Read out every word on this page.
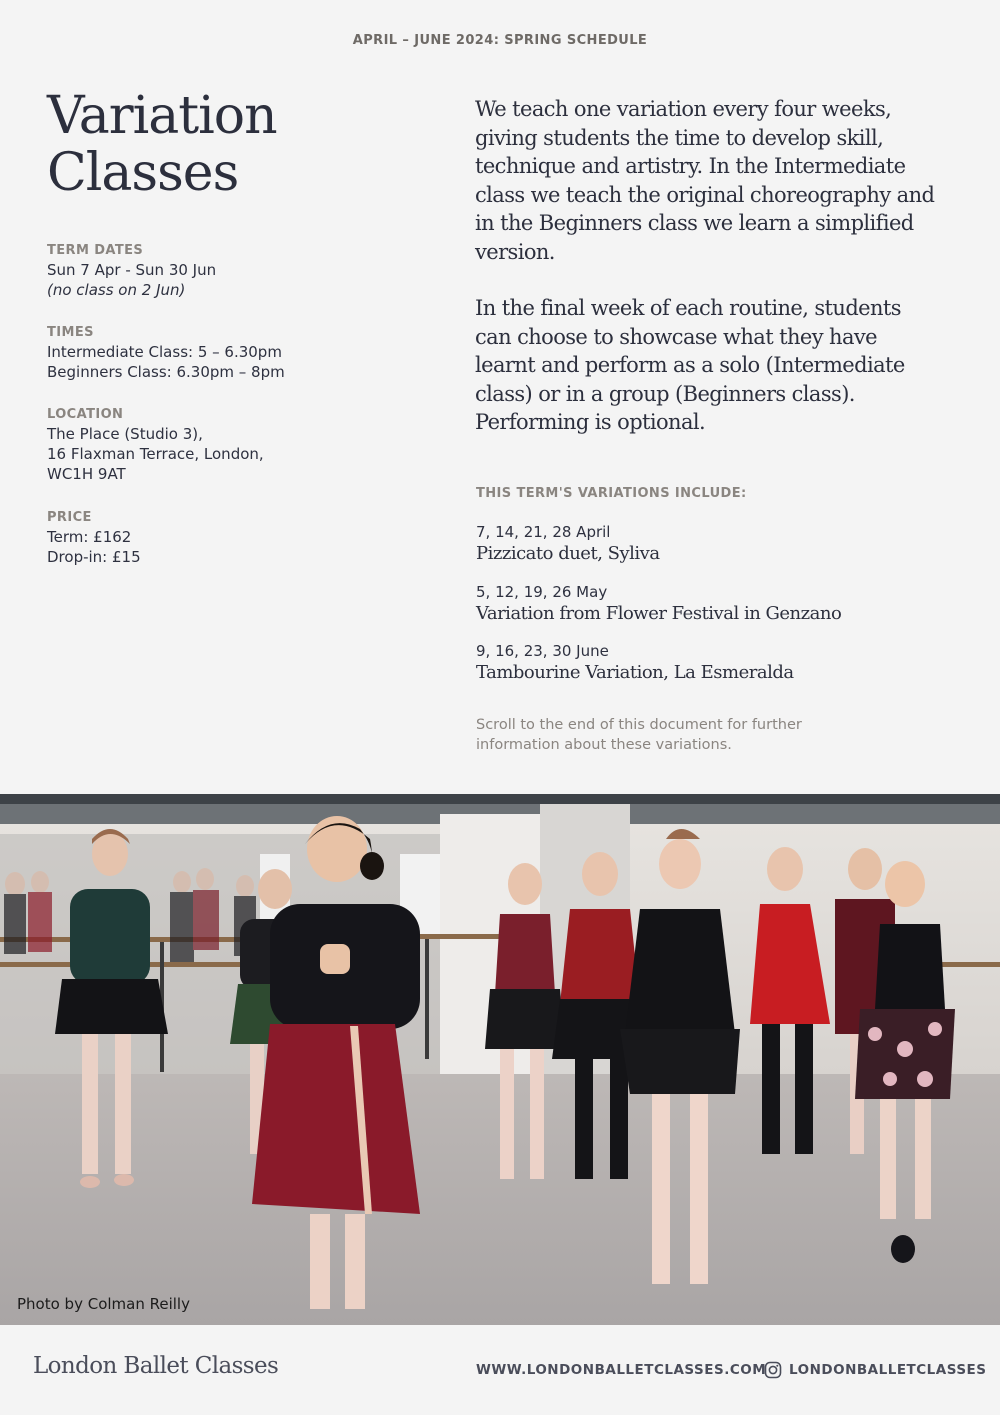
APRIL – JUNE 2024: SPRING SCHEDULE
Variation
Classes
TERM DATES
Sun 7 Apr - Sun 30 Jun
(no class on 2 Jun)
TIMES
Intermediate Class: 5 – 6.30pm
Beginners Class: 6.30pm – 8pm
LOCATION
The Place (Studio 3),
16 Flaxman Terrace, London,
WC1H 9AT
PRICE
Term: £162
Drop-in: £15

We teach one variation every four weeks, giving students the time to develop skill, technique and artistry. In the Intermediate class we teach the original choreography and in the Beginners class we learn a simplified version.

In the final week of each routine, students can choose to showcase what they have learnt and perform as a solo (Intermediate class) or in a group (Beginners class). Performing is optional.

THIS TERM'S VARIATIONS INCLUDE:
7, 14, 21, 28 April
Pizzicato duet, Syliva
5, 12, 19, 26 May
Variation from Flower Festival in Genzano
9, 16, 23, 30 June
Tambourine Variation, La Esmeralda
Scroll to the end of this document for further information about these variations.
Photo by Colman Reilly
London Ballet Classes	WWW.LONDONBALLETCLASSES.COM LONDONBALLETCLASSES
